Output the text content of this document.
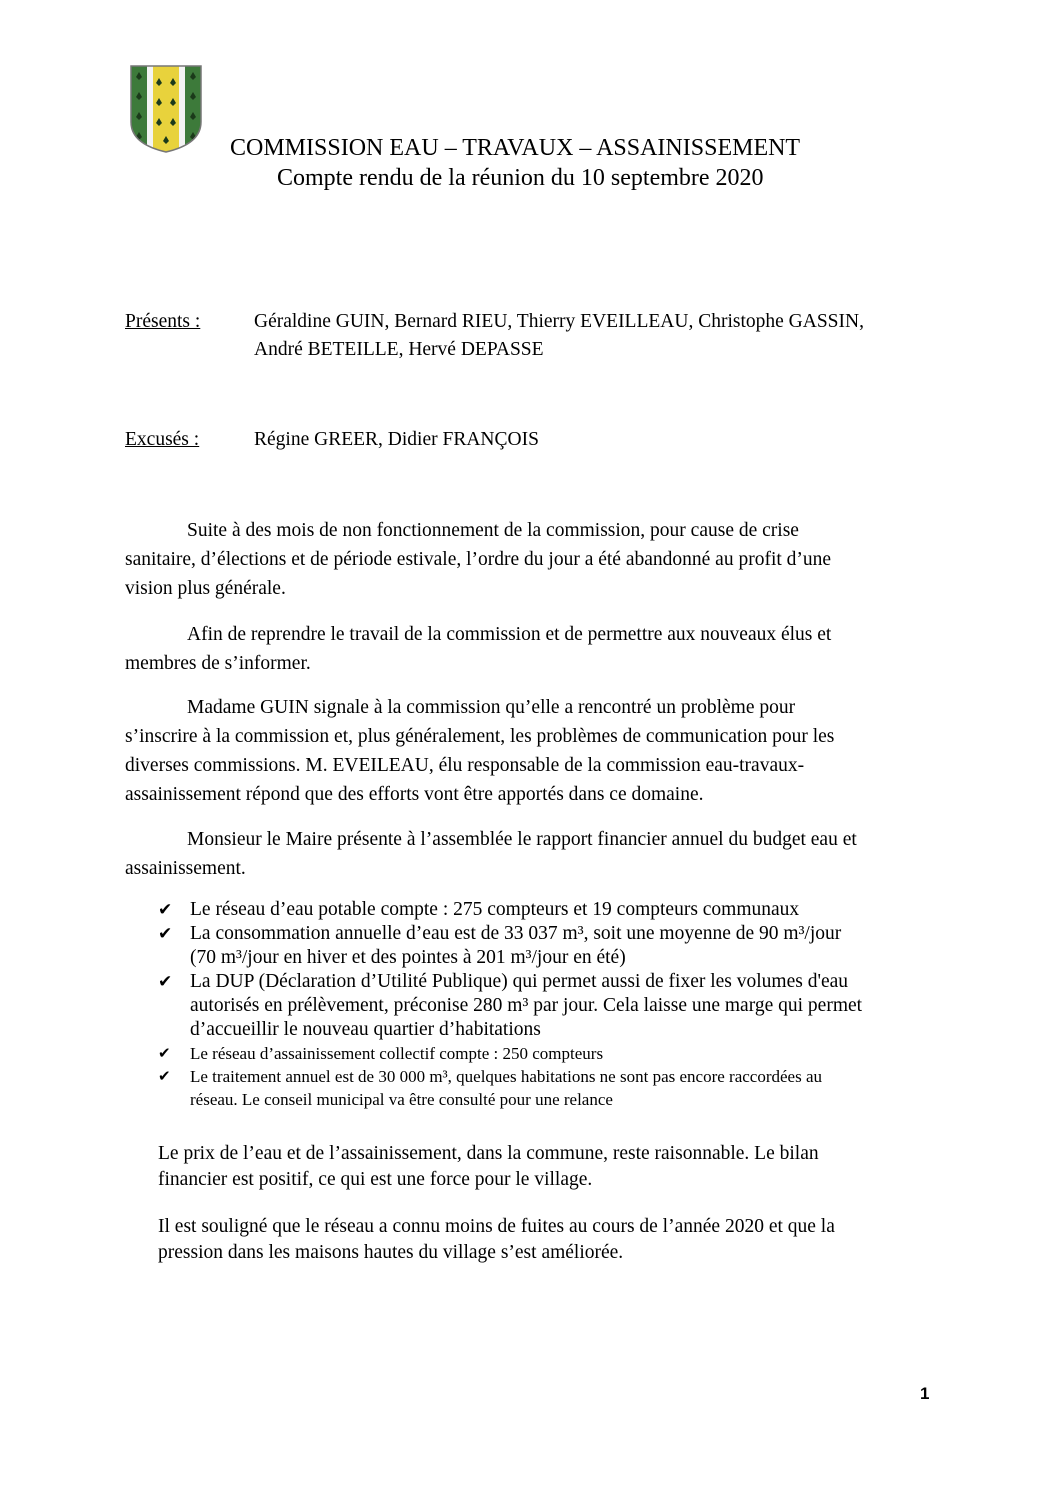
COMMISSION EAU – TRAVAUX – ASSAINISSEMENT
Compte rendu de la réunion du 10 septembre 2020
Présents :	Géraldine GUIN, Bernard RIEU, Thierry EVEILLEAU, Christophe GASSIN,
André BETEILLE, Hervé DEPASSE
Excusés :	Régine GREER, Didier FRANÇOIS
Suite à des mois de non fonctionnement de la commission, pour cause de crise
sanitaire, d’élections et de période estivale, l’ordre du jour a été abandonné au profit d’une
vision plus générale.
Afin de reprendre le travail de la commission et de permettre aux nouveaux élus et
membres de s’informer.
Madame GUIN signale à la commission qu’elle a rencontré un problème pour
s’inscrire à la commission et, plus généralement, les problèmes de communication pour les
diverses commissions. M. EVEILEAU, élu responsable de la commission eau-travaux-
assainissement répond que des efforts vont être apportés dans ce domaine.
Monsieur le Maire présente à l’assemblée le rapport financier annuel du budget eau et
assainissement.
✔ Le réseau d’eau potable compte : 275 compteurs et 19 compteurs communaux
✔ La consommation annuelle d’eau est de 33 037 m³, soit une moyenne de 90 m³/jour
(70 m³/jour en hiver et des pointes à 201 m³/jour en été)
✔ La DUP (Déclaration d’Utilité Publique) qui permet aussi de fixer les volumes d'eau
autorisés en prélèvement, préconise 280 m³ par jour. Cela laisse une marge qui permet
d’accueillir le nouveau quartier d’habitations
✔ Le réseau d’assainissement collectif compte : 250 compteurs
✔ Le traitement annuel est de 30 000 m³, quelques habitations ne sont pas encore raccordées au
réseau. Le conseil municipal va être consulté pour une relance
Le prix de l’eau et de l’assainissement, dans la commune, reste raisonnable. Le bilan
financier est positif, ce qui est une force pour le village.
Il est souligné que le réseau a connu moins de fuites au cours de l’année 2020 et que la
pression dans les maisons hautes du village s’est améliorée.
1
